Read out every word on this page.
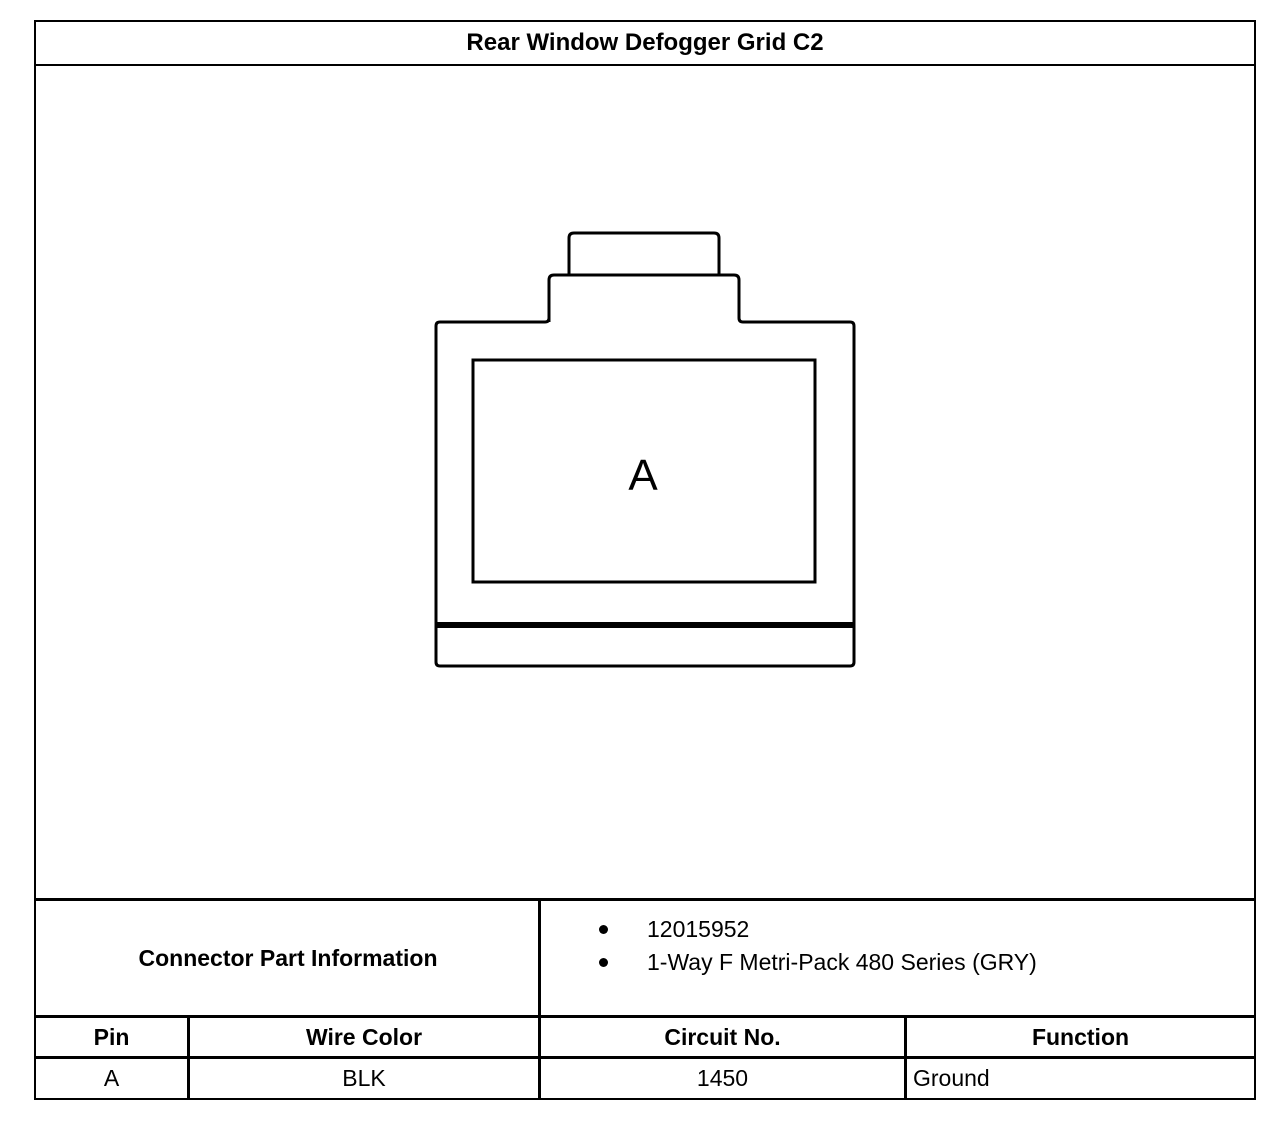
Rear Window Defogger Grid C2
A
Connector Part Information
12015952
1-Way F Metri-Pack 480 Series (GRY)
Pin	Wire Color	Circuit No.	Function
A	BLK	1450	Ground
